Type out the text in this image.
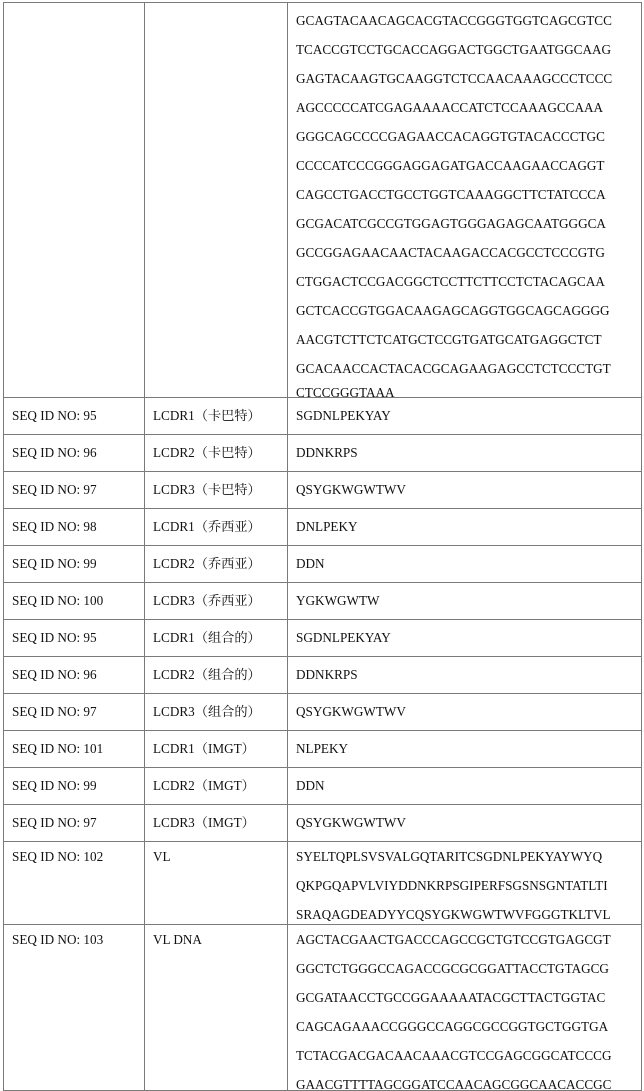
GCAGTACAACAGCACGTACCGGGTGGTCAGCGTCC
TCACCGTCCTGCACCAGGACTGGCTGAATGGCAAG
GAGTACAAGTGCAAGGTCTCCAACAAAGCCCTCCC
AGCCCCCATCGAGAAAACCATCTCCAAAGCCAAA
GGGCAGCCCCGAGAACCACAGGTGTACACCCTGC
CCCCATCCCGGGAGGAGATGACCAAGAACCAGGT
CAGCCTGACCTGCCTGGTCAAAGGCTTCTATCCCA
GCGACATCGCCGTGGAGTGGGAGAGCAATGGGCA
GCCGGAGAACAACTACAAGACCACGCCTCCCGTG
CTGGACTCCGACGGCTCCTTCTTCCTCTACAGCAA
GCTCACCGTGGACAAGAGCAGGTGGCAGCAGGGG
AACGTCTTCTCATGCTCCGTGATGCATGAGGCTCT
GCACAACCACTACACGCAGAAGAGCCTCTCCCTGT
CTCCGGGTAAA

SEQ ID NO: 95	LCDR1（卡巴特）	SGDNLPEKYAY
SEQ ID NO: 96	LCDR2（卡巴特）	DDNKRPS
SEQ ID NO: 97	LCDR3（卡巴特）	QSYGKWGWTWV
SEQ ID NO: 98	LCDR1（乔西亚）	DNLPEKY
SEQ ID NO: 99	LCDR2（乔西亚）	DDN
SEQ ID NO: 100	LCDR3（乔西亚）	YGKWGWTW
SEQ ID NO: 95	LCDR1（组合的）	SGDNLPEKYAY
SEQ ID NO: 96	LCDR2（组合的）	DDNKRPS
SEQ ID NO: 97	LCDR3（组合的）	QSYGKWGWTWV
SEQ ID NO: 101	LCDR1（IMGT）	NLPEKY
SEQ ID NO: 99	LCDR2（IMGT）	DDN
SEQ ID NO: 97	LCDR3（IMGT）	QSYGKWGWTWV

SEQ ID NO: 102	VL	SYELTQPLSVSVALGQTARITCSGDNLPEKYAYWYQ
QKPGQAPVLVIYDDNKRPSGIPERFSGSNSGNTATLTI
SRAQAGDEADYYCQSYGKWGWTWVFGGGTKLTVL

SEQ ID NO: 103	VL DNA	AGCTACGAACTGACCCAGCCGCTGTCCGTGAGCGT
GGCTCTGGGCCAGACCGCGCGGATTACCTGTAGCG
GCGATAACCTGCCGGAAAAATACGCTTACTGGTAC
CAGCAGAAACCGGGCCAGGCGCCGGTGCTGGTGA
TCTACGACGACAACAAACGTCCGAGCGGCATCCCG
GAACGTTTTAGCGGATCCAACAGCGGCAACACCGC
